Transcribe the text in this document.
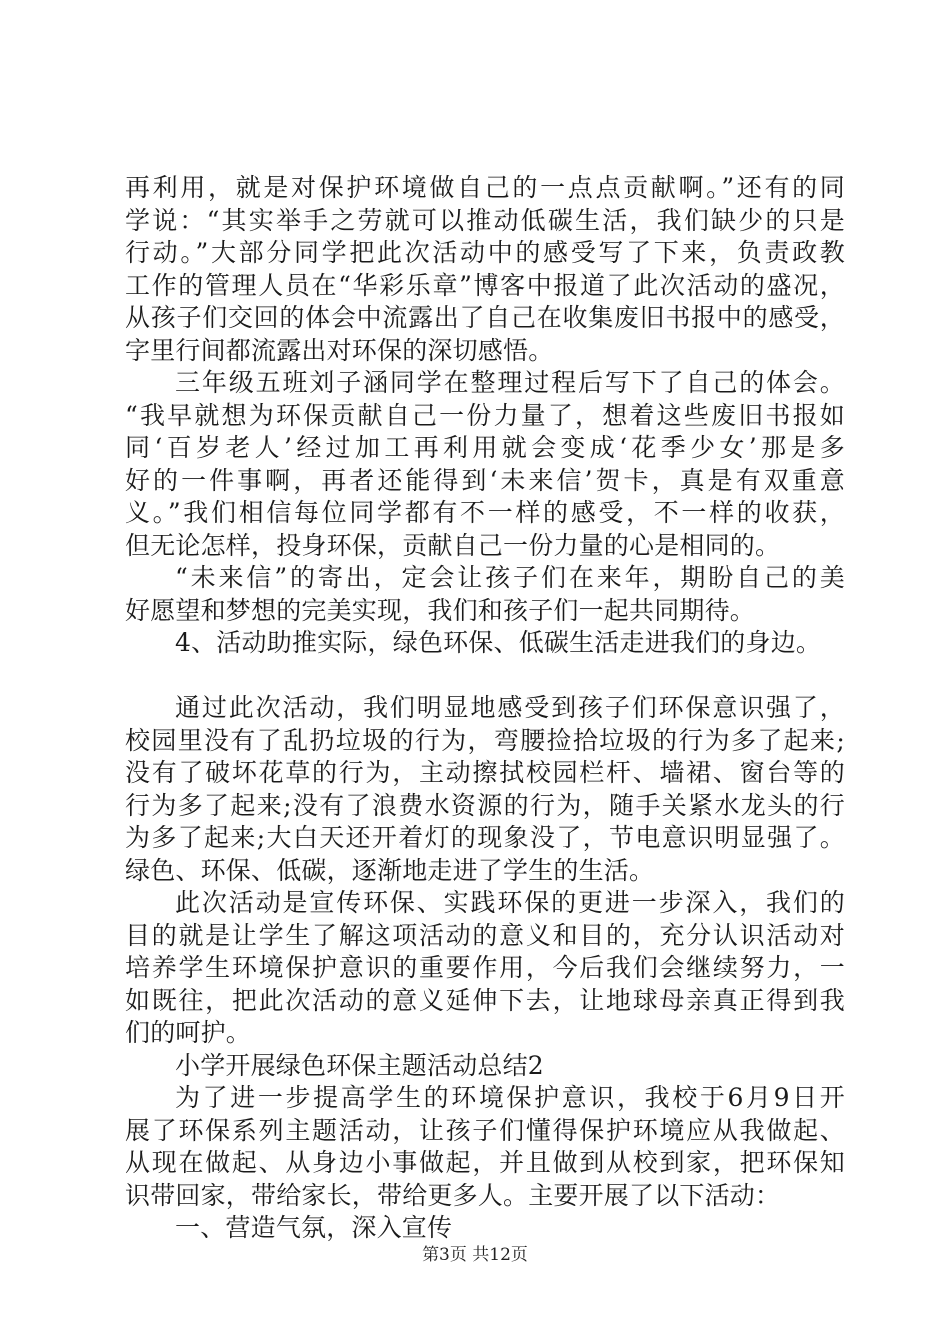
再利用，就是对保护环境做自己的一点点贡献啊。”还有的同
学说：“其实举手之劳就可以推动低碳生活，我们缺少的只是
行动。”大部分同学把此次活动中的感受写了下来，负责政教
工作的管理人员在“华彩乐章”博客中报道了此次活动的盛况，
从孩子们交回的体会中流露出了自己在收集废旧书报中的感受，
字里行间都流露出对环保的深切感悟。
三年级五班刘子涵同学在整理过程后写下了自己的体会。
“我早就想为环保贡献自己一份力量了，想着这些废旧书报如
同‘百岁老人’经过加工再利用就会变成‘花季少女’那是多
好的一件事啊，再者还能得到‘未来信’贺卡，真是有双重意
义。”我们相信每位同学都有不一样的感受，不一样的收获，
但无论怎样，投身环保，贡献自己一份力量的心是相同的。
“未来信”的寄出，定会让孩子们在来年，期盼自己的美
好愿望和梦想的完美实现，我们和孩子们一起共同期待。
4、活动助推实际，绿色环保、低碳生活走进我们的身边。
通过此次活动，我们明显地感受到孩子们环保意识强了，
校园里没有了乱扔垃圾的行为，弯腰捡拾垃圾的行为多了起来;
没有了破坏花草的行为，主动擦拭校园栏杆、墙裙、窗台等的
行为多了起来;没有了浪费水资源的行为，随手关紧水龙头的行
为多了起来;大白天还开着灯的现象没了，节电意识明显强了。
绿色、环保、低碳，逐渐地走进了学生的生活。
此次活动是宣传环保、实践环保的更进一步深入，我们的
目的就是让学生了解这项活动的意义和目的，充分认识活动对
培养学生环境保护意识的重要作用，今后我们会继续努力，一
如既往，把此次活动的意义延伸下去，让地球母亲真正得到我
们的呵护。
小学开展绿色环保主题活动总结2
为了进一步提高学生的环境保护意识，我校于6月9日开
展了环保系列主题活动，让孩子们懂得保护环境应从我做起、
从现在做起、从身边小事做起，并且做到从校到家，把环保知
识带回家，带给家长，带给更多人。主要开展了以下活动：
一、营造气氛，深入宣传
第3页 共12页
